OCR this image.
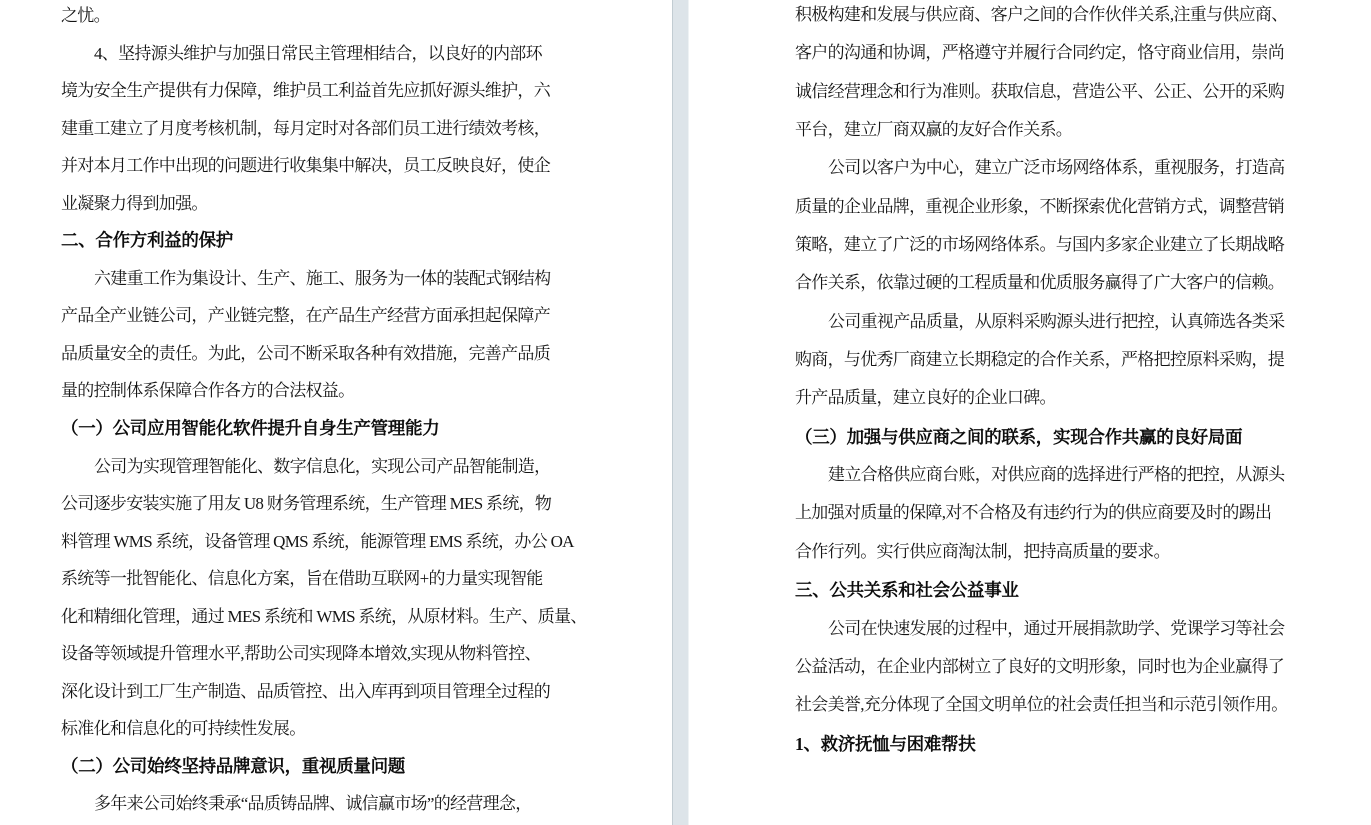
之忧。
4、坚持源头维护与加强日常民主管理相结合，以良好的内部环
境为安全生产提供有力保障，维护员工利益首先应抓好源头维护，六
建重工建立了月度考核机制，每月定时对各部们员工进行绩效考核，
并对本月工作中出现的问题进行收集集中解决，员工反映良好，使企
业凝聚力得到加强。
二、合作方利益的保护
六建重工作为集设计、生产、施工、服务为一体的装配式钢结构
产品全产业链公司，产业链完整，在产品生产经营方面承担起保障产
品质量安全的责任。为此，公司不断采取各种有效措施，完善产品质
量的控制体系保障合作各方的合法权益。
（一）公司应用智能化软件提升自身生产管理能力
公司为实现管理智能化、数字信息化，实现公司产品智能制造，
公司逐步安装实施了用友 U8 财务管理系统，生产管理 MES 系统，物
料管理 WMS 系统，设备管理 QMS 系统，能源管理 EMS 系统，办公 OA
系统等一批智能化、信息化方案，旨在借助互联网+的力量实现智能
化和精细化管理，通过 MES 系统和 WMS 系统，从原材料。生产、质量、
设备等领域提升管理水平,帮助公司实现降本增效,实现从物料管控、
深化设计到工厂生产制造、品质管控、出入库再到项目管理全过程的
标准化和信息化的可持续性发展。
（二）公司始终坚持品牌意识，重视质量问题
多年来公司始终秉承“品质铸品牌、诚信赢市场”的经营理念，
积极构建和发展与供应商、客户之间的合作伙伴关系,注重与供应商、
客户的沟通和协调，严格遵守并履行合同约定，恪守商业信用，崇尚
诚信经营理念和行为准则。获取信息，营造公平、公正、公开的采购
平台，建立厂商双赢的友好合作关系。
公司以客户为中心，建立广泛市场网络体系，重视服务，打造高
质量的企业品牌，重视企业形象，不断探索优化营销方式，调整营销
策略，建立了广泛的市场网络体系。与国内多家企业建立了长期战略
合作关系，依靠过硬的工程质量和优质服务赢得了广大客户的信赖。
公司重视产品质量，从原料采购源头进行把控，认真筛选各类采
购商，与优秀厂商建立长期稳定的合作关系，严格把控原料采购，提
升产品质量，建立良好的企业口碑。
（三）加强与供应商之间的联系，实现合作共赢的良好局面
建立合格供应商台账，对供应商的选择进行严格的把控，从源头
上加强对质量的保障,对不合格及有违约行为的供应商要及时的踢出
合作行列。实行供应商淘汰制，把持高质量的要求。
三、公共关系和社会公益事业
公司在快速发展的过程中，通过开展捐款助学、党课学习等社会
公益活动，在企业内部树立了良好的文明形象，同时也为企业赢得了
社会美誉,充分体现了全国文明单位的社会责任担当和示范引领作用。
1、救济抚恤与困难帮扶
